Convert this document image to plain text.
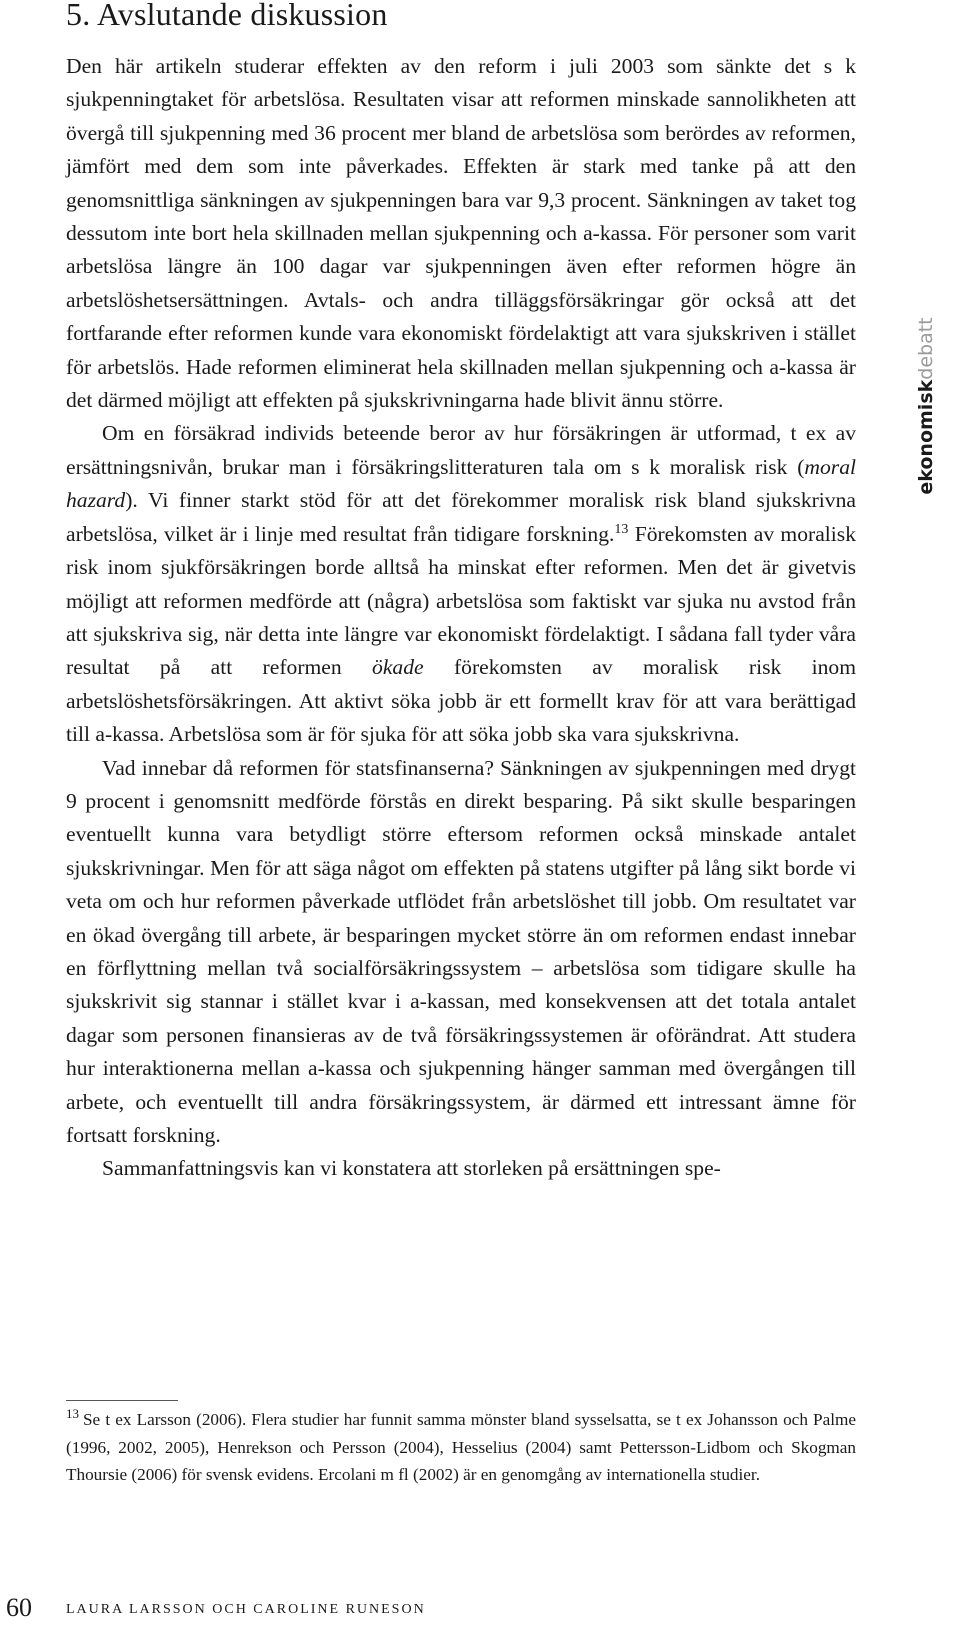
5. Avslutande diskussion

Den här artikeln studerar effekten av den reform i juli 2003 som sänkte det s k sjukpenningtaket för arbetslösa. Resultaten visar att reformen minskade sannolikheten att övergå till sjukpenning med 36 procent mer bland de arbetslösa som berördes av reformen, jämfört med dem som inte påverkades. Effekten är stark med tanke på att den genomsnittliga sänkningen av sjukpenningen bara var 9,3 procent. Sänkningen av taket tog dessutom inte bort hela skillnaden mellan sjukpenning och a-kassa. För personer som varit arbetslösa längre än 100 dagar var sjukpenningen även efter reformen högre än arbetslöshetsersättningen. Avtals- och andra tilläggsförsäkringar gör också att det fortfarande efter reformen kunde vara ekonomiskt fördelaktigt att vara sjukskriven i stället för arbetslös. Hade reformen eliminerat hela skillnaden mellan sjukpenning och a-kassa är det därmed möjligt att effekten på sjukskrivningarna hade blivit ännu större.

Om en försäkrad individs beteende beror av hur försäkringen är utformad, t ex av ersättningsnivån, brukar man i försäkringslitteraturen tala om s k moralisk risk (moral hazard). Vi finner starkt stöd för att det förekommer moralisk risk bland sjukskrivna arbetslösa, vilket är i linje med resultat från tidigare forskning.$^{13}$ Förekomsten av moralisk risk inom sjukförsäkringen borde alltså ha minskat efter reformen. Men det är givetvis möjligt att reformen medförde att (några) arbetslösa som faktiskt var sjuka nu avstod från att sjukskriva sig, när detta inte längre var ekonomiskt fördelaktigt. I sådana fall tyder våra resultat på att reformen ökade förekomsten av moralisk risk inom arbetslöshetsförsäkringen. Att aktivt söka jobb är ett formellt krav för att vara berättigad till a-kassa. Arbetslösa som är för sjuka för att söka jobb ska vara sjukskrivna.

Vad innebar då reformen för statsfinanserna? Sänkningen av sjukpenningen med drygt 9 procent i genomsnitt medförde förstås en direkt besparing. På sikt skulle besparingen eventuellt kunna vara betydligt större eftersom reformen också minskade antalet sjukskrivningar. Men för att säga något om effekten på statens utgifter på lång sikt borde vi veta om och hur reformen påverkade utflödet från arbetslöshet till jobb. Om resultatet var en ökad övergång till arbete, är besparingen mycket större än om reformen endast innebar en förflyttning mellan två socialförsäkringssystem – arbetslösa som tidigare skulle ha sjukskrivit sig stannar i stället kvar i a-kassan, med konsekvensen att det totala antalet dagar som personen finansieras av de två försäkringssystemen är oförändrat. Att studera hur interaktionerna mellan a-kassa och sjukpenning hänger samman med övergången till arbete, och eventuellt till andra försäkringssystem, är därmed ett intressant ämne för fortsatt forskning.

Sammanfattningsvis kan vi konstatera att storleken på ersättningen spe-

ekonomiskdebatt
$^{13}$ Se t ex Larsson (2006). Flera studier har funnit samma mönster bland sysselsatta, se t ex Johansson och Palme (1996, 2002, 2005), Henrekson och Persson (2004), Hesselius (2004) samt Pettersson-Lidbom och Skogman Thoursie (2006) för svensk evidens. Ercolani m fl (2002) är en genomgång av internationella studier.
60 LAURA LARSSON OCH CAROLINE RUNESON
